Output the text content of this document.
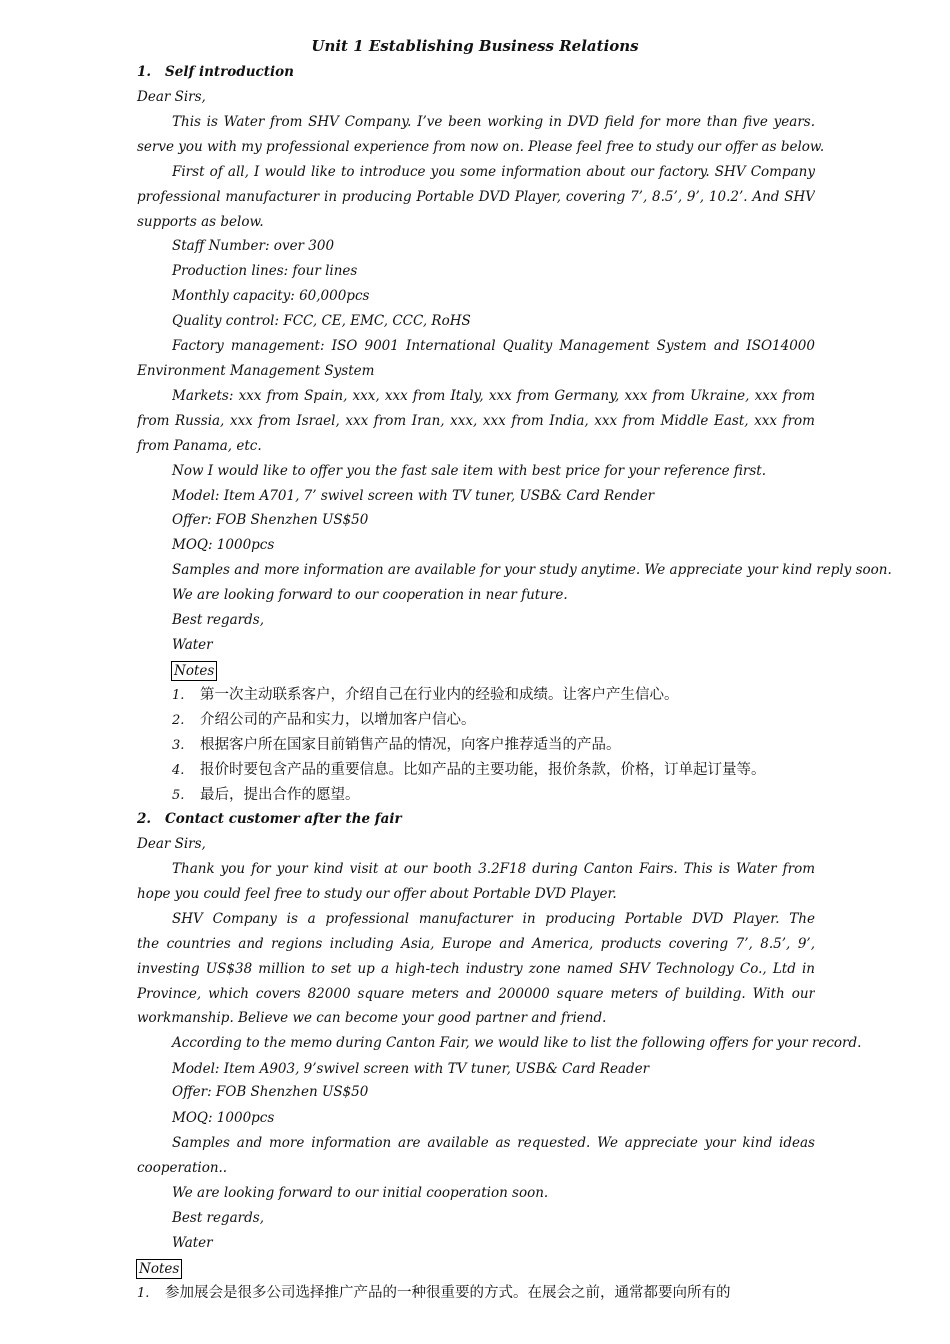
Unit 1 Establishing Business Relations
1. Self introduction
Dear Sirs,
This is Water from SHV Company. I’ve been working in DVD field for more than five years.
serve you with my professional experience from now on. Please feel free to study our offer as below.
First of all, I would like to introduce you some information about our factory. SHV Company
professional manufacturer in producing Portable DVD Player, covering 7’, 8.5’, 9’, 10.2’. And SHV
supports as below.
Staff Number: over 300
Production lines: four lines
Monthly capacity: 60,000pcs
Quality control: FCC, CE, EMC, CCC, RoHS
Factory management: ISO 9001 International Quality Management System and ISO14000
Environment Management System
Markets: xxx from Spain, xxx, xxx from Italy, xxx from Germany, xxx from Ukraine, xxx from
from Russia, xxx from Israel, xxx from Iran, xxx, xxx from India, xxx from Middle East, xxx from
from Panama, etc.
Now I would like to offer you the fast sale item with best price for your reference first.
Model: Item A701, 7’ swivel screen with TV tuner, USB& Card Render
Offer: FOB Shenzhen US$50
MOQ: 1000pcs
Samples and more information are available for your study anytime. We appreciate your kind reply soon.
We are looking forward to our cooperation in near future.
Best regards,
Water
Notes
1. 第一次主动联系客户，介绍自己在行业内的经验和成绩。让客户产生信心。
2. 介绍公司的产品和实力，以增加客户信心。
3. 根据客户所在国家目前销售产品的情况，向客户推荐适当的产品。
4. 报价时要包含产品的重要信息。比如产品的主要功能，报价条款，价格，订单起订量等。
5. 最后，提出合作的愿望。
2. Contact customer after the fair
Dear Sirs,
Thank you for your kind visit at our booth 3.2F18 during Canton Fairs. This is Water from
hope you could feel free to study our offer about Portable DVD Player.
SHV Company is a professional manufacturer in producing Portable DVD Player. The
the countries and regions including Asia, Europe and America, products covering 7’, 8.5’, 9’,
investing US$38 million to set up a high-tech industry zone named SHV Technology Co., Ltd in
Province, which covers 82000 square meters and 200000 square meters of building. With our
workmanship. Believe we can become your good partner and friend.
According to the memo during Canton Fair, we would like to list the following offers for your record.
Model: Item A903, 9’swivel screen with TV tuner, USB& Card Reader
Offer: FOB Shenzhen US$50
MOQ: 1000pcs
Samples and more information are available as requested. We appreciate your kind ideas
cooperation..
We are looking forward to our initial cooperation soon.
Best regards,
Water
Notes
1. 参加展会是很多公司选择推广产品的一种很重要的方式。在展会之前，通常都要向所有的
